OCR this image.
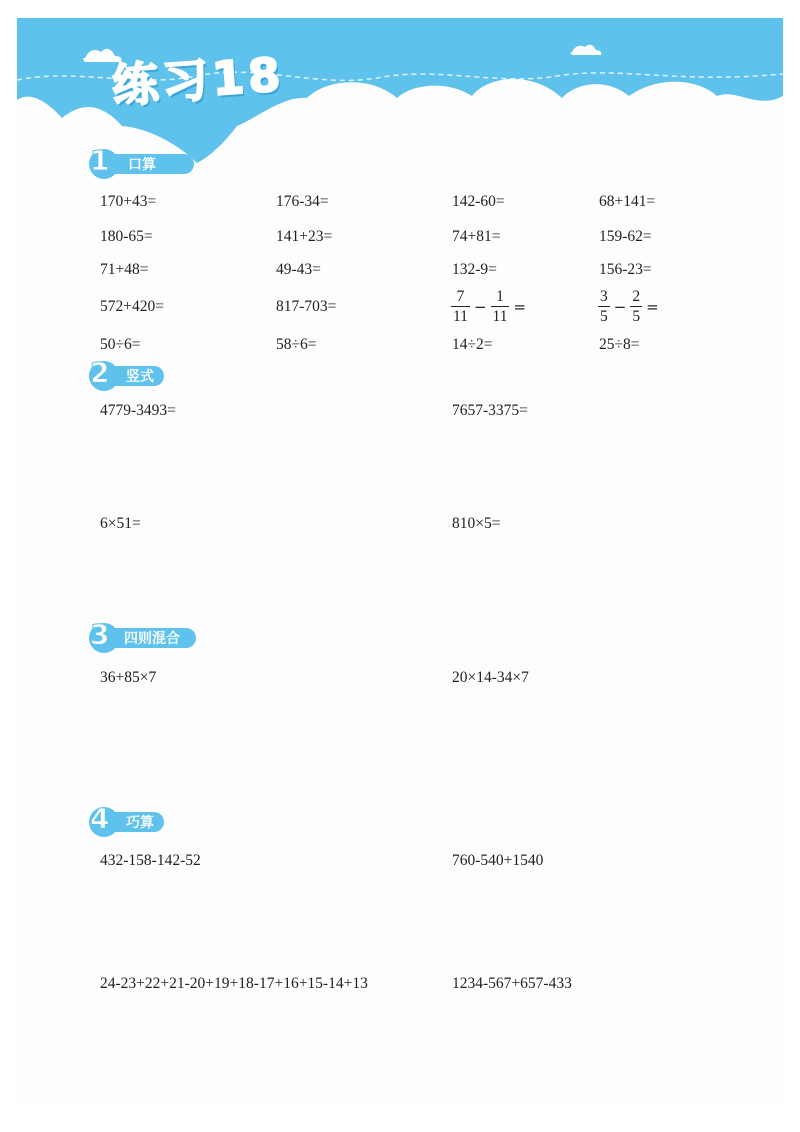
练习18
1 口算
170+43=	176-34=	142-60=	68+141=
180-65=	141+23=	74+81=	159-62=
71+48=	49-43=	132-9=	156-23=
572+420=	817-703=	$\frac{7}{11} - \frac{1}{11}$ =	$\frac{3}{5} - \frac{2}{5}$ =
50÷6=	58÷6=	14÷2=	25÷8=
2 竖式
4779-3493=	7657-3375=
6×51=	810×5=
3 四则混合
36+85×7	20×14-34×7
4 巧算
432-158-142-52	760-540+1540
24-23+22+21-20+19+18-17+16+15-14+13	1234-567+657-433
